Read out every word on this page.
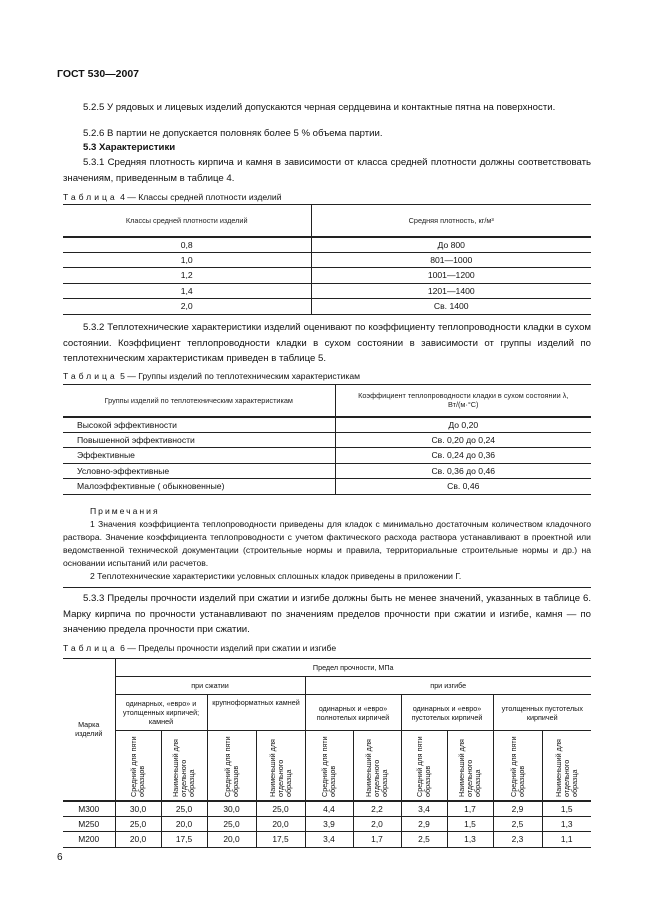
ГОСТ 530—2007
5.2.5 У рядовых и лицевых изделий допускаются черная сердцевина и контактные пятна на поверхности.
5.2.6 В партии не допускается половняк более 5 % объема партии.
5.3 Характеристики
5.3.1 Средняя плотность кирпича и камня в зависимости от класса средней плотности должны соответствовать значениям, приведенным в таблице 4.
Таблица 4 — Классы средней плотности изделий
Классы средней плотности изделий	Средняя плотность, кг/м³
0,8	До 800
1,0	801—1000
1,2	1001—1200
1,4	1201—1400
2,0	Св. 1400
5.3.2 Теплотехнические характеристики изделий оценивают по коэффициенту теплопроводности кладки в сухом состоянии. Коэффициент теплопроводности кладки в сухом состоянии в зависимости от группы изделий по теплотехническим характеристикам приведен в таблице 5.
Таблица 5 — Группы изделий по теплотехническим характеристикам
Группы изделий по теплотехническим характеристикам	Коэффициент теплопроводности кладки в сухом состоянии λ, Вт/(м·°С)
Высокой эффективности	До 0,20
Повышенной эффективности	Св. 0,20 до 0,24
Эффективные	Св. 0,24 до 0,36
Условно-эффективные	Св. 0,36 до 0,46
Малоэффективные ( обыкновенные)	Св. 0,46
Примечания

1 Значения коэффициента теплопроводности приведены для кладок с минимально достаточным количеством кладочного раствора. Значение коэффициента теплопроводности с учетом фактического расхода раствора устанавливают в проектной или ведомственной технической документации (строительные нормы и правила, территориальные строительные нормы и др.) на основании испытаний или расчетов.

2 Теплотехнические характеристики условных сплошных кладок приведены в приложении Г.

5.3.3 Пределы прочности изделий при сжатии и изгибе должны быть не менее значений, указанных в таблице 6. Марку кирпича по прочности устанавливают по значениям пределов прочности при сжатии и изгибе, камня — по значению предела прочности при сжатии.
Таблица 6 — Пределы прочности изделий при сжатии и изгибе
Марка изделий	Предел прочности, МПа									
	при сжатии				при изгибе					
	одинарных, «евро» и утолщенных кирпичей; камней		крупноформатных камней		одинарных и «евро» полнотелых кирпичей		одинарных и «евро» пустотелых кирпичей		утолщенных пустотелых кирпичей	

	Средний для пяти образцов	Наименьший для отдельного образца	Средний для пяти образцов	Наименьший для отдельного образца	Средний для пяти образцов	Наименьший для отдельного образца	Средний для пяти образцов	Наименьший для отдельного образца	Средний для пяти образцов	Наименьший для отдельного образца

М300	30,0	25,0	30,0	25,0	4,4	2,2	3,4	1,7	2,9	1,5
М250	25,0	20,0	25,0	20,0	3,9	2,0	2,9	1,5	2,5	1,3
М200	20,0	17,5	20,0	17,5	3,4	1,7	2,5	1,3	2,3	1,1
6
